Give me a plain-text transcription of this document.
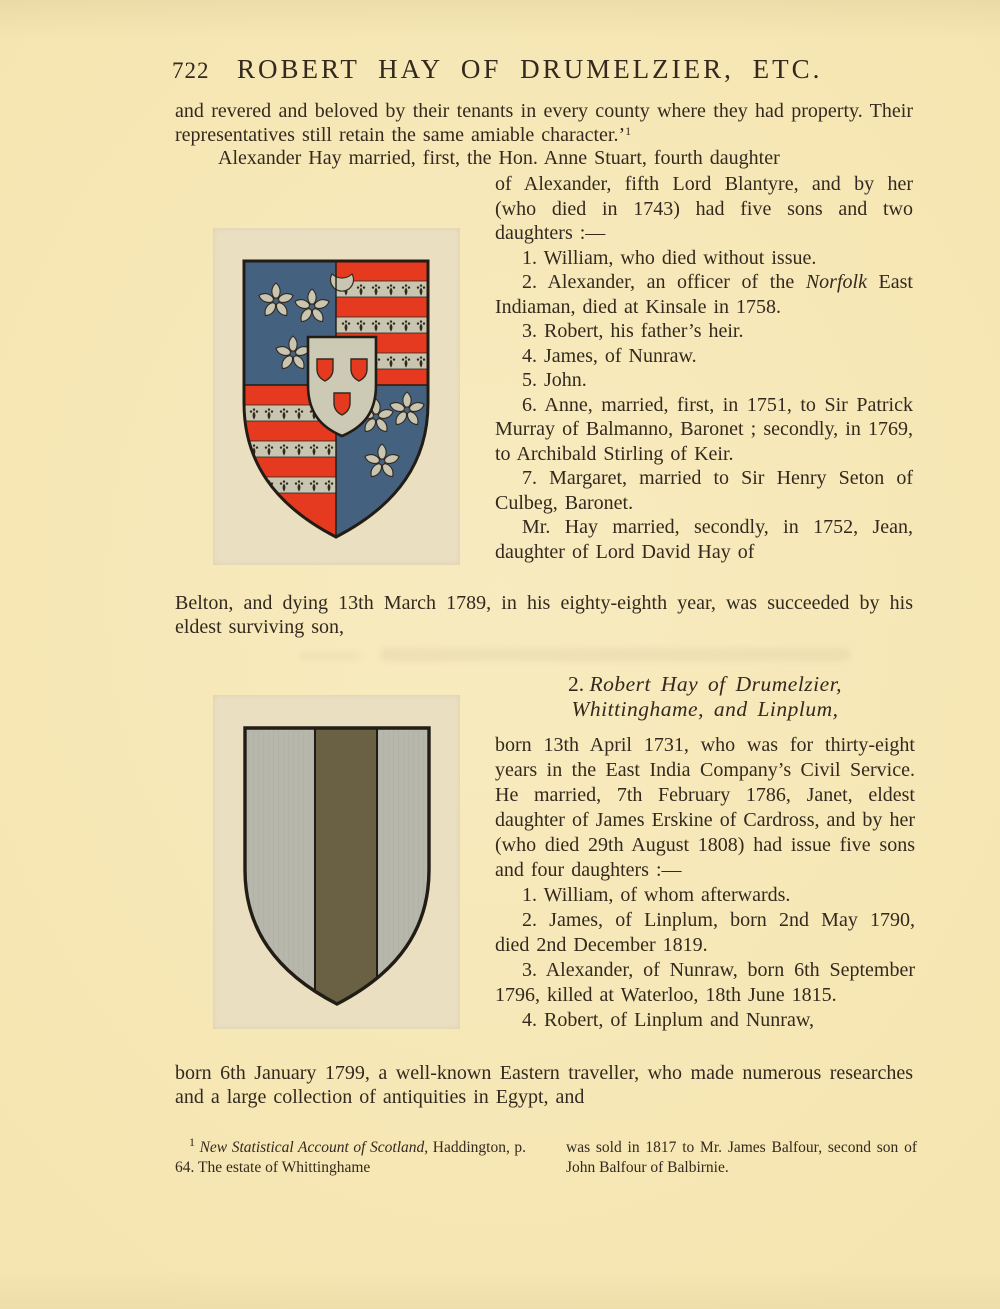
722 ROBERT HAY OF DRUMELZIER, ETC.
and revered and beloved by their tenants in every county where they had property. Their representatives still retain the same amiable character.’$^1$
Alexander Hay married, first, the Hon. Anne Stuart, fourth daughter

of Alexander, fifth Lord Blantyre, and by her (who died in 1743) had five sons and two daughters :—

1. William, who died without issue.

2. Alexander, an officer of the Norfolk East Indiaman, died at Kinsale in 1758.

3. Robert, his father’s heir.

4. James, of Nunraw.

5. John.

6. Anne, married, first, in 1751, to Sir Patrick Murray of Balmanno, Baronet ; secondly, in 1769, to Archibald Stirling of Keir.

7. Margaret, married to Sir Henry Seton of Culbeg, Baronet.

Mr. Hay married, secondly, in 1752, Jean, daughter of Lord David Hay of

Belton, and dying 13th March 1789, in his eighty-eighth year, was succeeded by his eldest surviving son,
2. Robert Hay of Drumelzier,
Whittinghame, and Linplum,

born 13th April 1731, who was for thirty-eight years in the East India Company’s Civil Service. He married, 7th February 1786, Janet, eldest daughter of James Erskine of Cardross, and by her (who died 29th August 1808) had issue five sons and four daughters :—

1. William, of whom afterwards.

2. James, of Linplum, born 2nd May 1790, died 2nd December 1819.

3. Alexander, of Nunraw, born 6th September 1796, killed at Waterloo, 18th June 1815.

4. Robert, of Linplum and Nunraw,

born 6th January 1799, a well-known Eastern traveller, who made numerous researches and a large collection of antiquities in Egypt, and
$^1$ New Statistical Account of Scotland, Haddington, p. 64. The estate of Whittinghame
was sold in 1817 to Mr. James Balfour, second son of John Balfour of Balbirnie.
